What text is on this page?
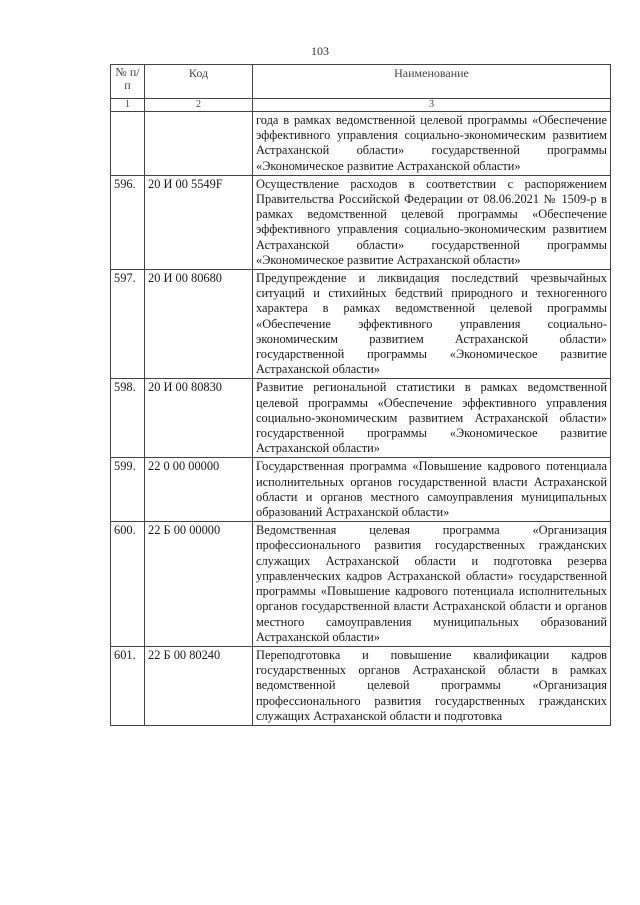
103
№ п/п	Код	Наименование
1	2	3
		года в рамках ведомственной целевой программы «Обеспечение эффективного управления социально-экономическим развитием Астраханской области» государственной программы «Экономическое развитие Астраханской области»
596.	20 И 00 5549F	Осуществление расходов в соответствии с распоряжением Правительства Российской Федерации от 08.06.2021 № 1509-р в рамках ведомственной целевой программы «Обеспечение эффективного управления социально-экономическим развитием Астраханской области» государственной программы «Экономическое развитие Астраханской области»
597.	20 И 00 80680	Предупреждение и ликвидация последствий чрезвычайных ситуаций и стихийных бедствий природного и техногенного характера в рамках ведомственной целевой программы «Обеспечение эффективного управления социально-экономическим развитием Астраханской области» государственной программы «Экономическое развитие Астраханской области»
598.	20 И 00 80830	Развитие региональной статистики в рамках ведомственной целевой программы «Обеспечение эффективного управления социально-экономическим развитием Астраханской области» государственной программы «Экономическое развитие Астраханской области»
599.	22 0 00 00000	Государственная программа «Повышение кадрового потенциала исполнительных органов государственной власти Астраханской области и органов местного самоуправления муниципальных образований Астраханской области»
600.	22 Б 00 00000	Ведомственная целевая программа «Организация профессионального развития государственных гражданских служащих Астраханской области и подготовка резерва управленческих кадров Астраханской области» государственной программы «Повышение кадрового потенциала исполнительных органов государственной власти Астраханской области и органов местного самоуправления муниципальных образований Астраханской области»
601.	22 Б 00 80240	Переподготовка и повышение квалификации кадров государственных органов Астраханской области в рамках ведомственной целевой программы «Организация профессионального развития государственных гражданских служащих Астраханской области и подготовка
